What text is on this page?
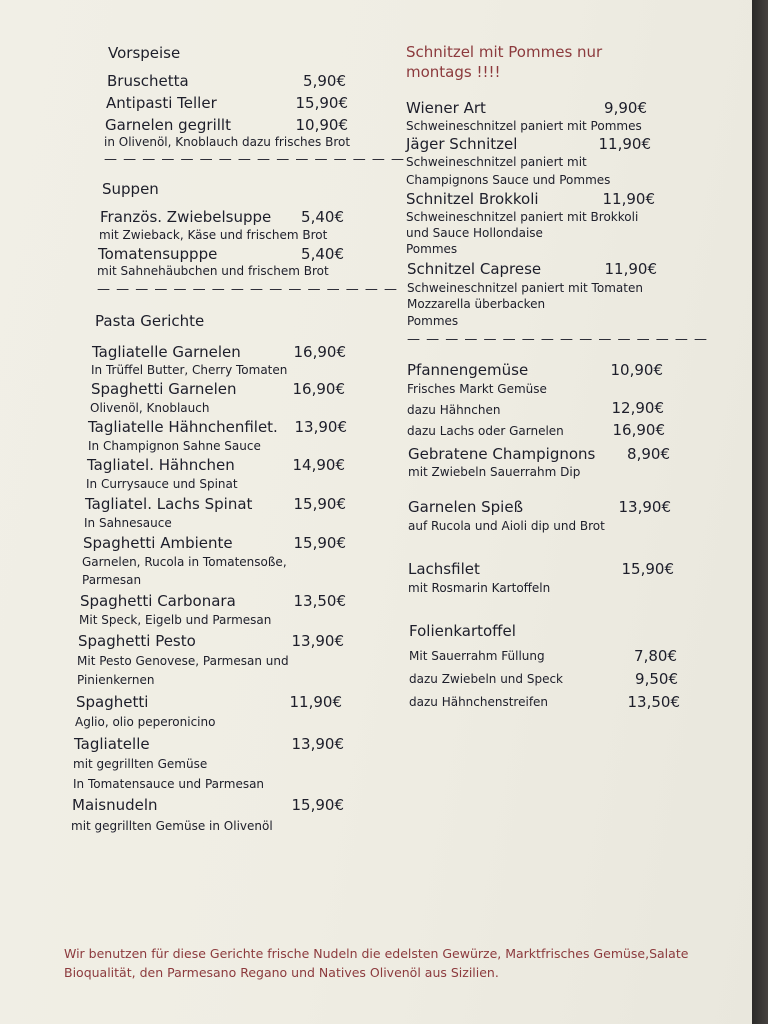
Vorspeise
Bruschetta	5,90€
Antipasti Teller	15,90€
Garnelen gegrillt	10,90€
in Olivenöl, Knoblauch dazu frisches Brot
— — — — — — — — — — — — — — — —
Suppen
Französ. Zwiebelsuppe	5,40€
mit Zwieback, Käse und frischem Brot
Tomatensupppe	5,40€
mit Sahnehäubchen und frischem Brot
— — — — — — — — — — — — — — — —
Pasta Gerichte
Tagliatelle Garnelen	16,90€
In Trüffel Butter, Cherry Tomaten
Spaghetti Garnelen	16,90€
Olivenöl, Knoblauch
Tagliatelle Hähnchenfilet.	13,90€
In Champignon Sahne Sauce
Tagliatel. Hähnchen	14,90€
In Currysauce und Spinat
Tagliatel. Lachs Spinat	15,90€
In Sahnesauce
Spaghetti Ambiente	15,90€
Garnelen, Rucola in Tomatensoße,
Parmesan
Spaghetti Carbonara	13,50€
Mit Speck, Eigelb und Parmesan
Spaghetti Pesto	13,90€
Mit Pesto Genovese, Parmesan und
Pinienkernen
Spaghetti	11,90€
Aglio, olio peperonicino
Tagliatelle	13,90€
mit gegrillten Gemüse
In Tomatensauce und Parmesan
Maisnudeln	15,90€
mit gegrillten Gemüse in Olivenöl
Schnitzel mit Pommes nur
montags !!!!
Wiener Art	9,90€
Schweineschnitzel paniert mit Pommes
Jäger Schnitzel	11,90€
Schweineschnitzel paniert mit
Champignons Sauce und Pommes
Schnitzel Brokkoli	11,90€
Schweineschnitzel paniert mit Brokkoli
und Sauce Hollondaise
Pommes
Schnitzel Caprese	11,90€
Schweineschnitzel paniert mit Tomaten
Mozzarella überbacken
Pommes
— — — — — — — — — — — — — — — —
Pfannengemüse	10,90€
Frisches Markt Gemüse
dazu Hähnchen	12,90€
dazu Lachs oder Garnelen	16,90€
Gebratene Champignons	8,90€
mit Zwiebeln Sauerrahm Dip
Garnelen Spieß	13,90€
auf Rucola und Aioli dip und Brot
Lachsfilet	15,90€
mit Rosmarin Kartoffeln
Folienkartoffel
Mit Sauerrahm Füllung	7,80€
dazu Zwiebeln und Speck	9,50€
dazu Hähnchenstreifen	13,50€
Wir benutzen für diese Gerichte frische Nudeln die edelsten Gewürze, Marktfrisches Gemüse,Salate
Bioqualität, den Parmesano Regano und Natives Olivenöl aus Sizilien.
